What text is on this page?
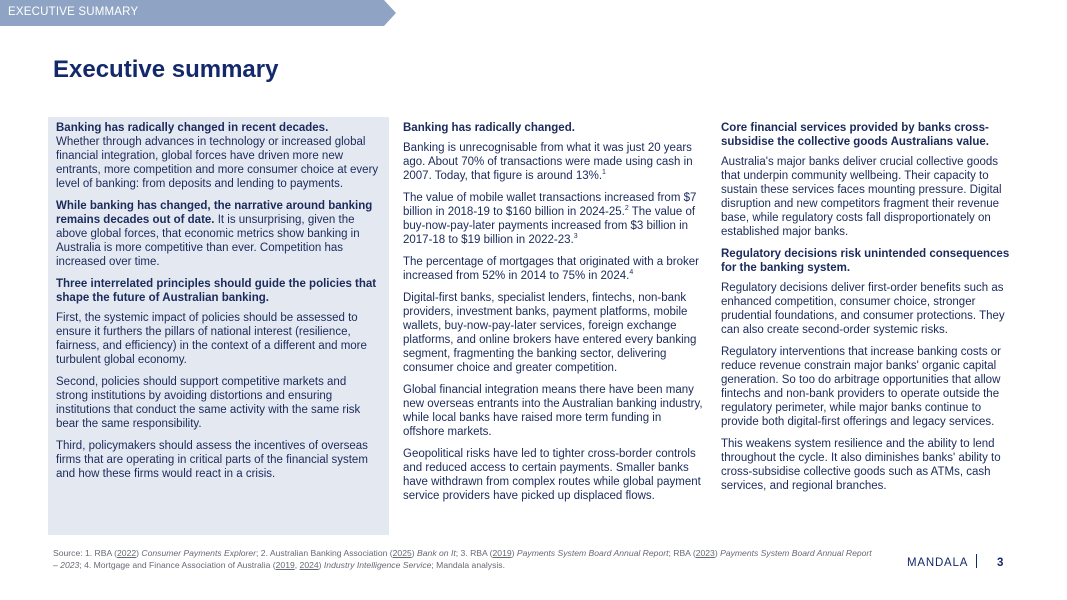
EXECUTIVE SUMMARY
Executive summary

Banking has radically changed in recent decades.

Whether through advances in technology or increased global financial integration, global forces have driven more new entrants, more competition and more consumer choice at every level of banking: from deposits and lending to payments.

While banking has changed, the narrative around banking remains decades out of date. It is unsurprising, given the above global forces, that economic metrics show banking in Australia is more competitive than ever. Competition has increased over time.

Three interrelated principles should guide the policies that shape the future of Australian banking.

First, the systemic impact of policies should be assessed to ensure it furthers the pillars of national interest (resilience, fairness, and efficiency) in the context of a different and more turbulent global economy.

Second, policies should support competitive markets and strong institutions by avoiding distortions and ensuring institutions that conduct the same activity with the same risk bear the same responsibility.

Third, policymakers should assess the incentives of overseas firms that are operating in critical parts of the financial system and how these firms would react in a crisis.

Banking has radically changed.

Banking is unrecognisable from what it was just 20 years ago. About 70% of transactions were made using cash in 2007. Today, that figure is around 13%.$^1$

The value of mobile wallet transactions increased from $7 billion in 2018-19 to $160 billion in 2024-25.$^2$ The value of buy-now-pay-later payments increased from $3 billion in 2017-18 to $19 billion in 2022-23.$^3$

The percentage of mortgages that originated with a broker increased from 52% in 2014 to 75% in 2024.$^4$

Digital-first banks, specialist lenders, fintechs, non-bank providers, investment banks, payment platforms, mobile wallets, buy-now-pay-later services, foreign exchange platforms, and online brokers have entered every banking segment, fragmenting the banking sector, delivering consumer choice and greater competition.

Global financial integration means there have been many new overseas entrants into the Australian banking industry, while local banks have raised more term funding in offshore markets.

Geopolitical risks have led to tighter cross-border controls and reduced access to certain payments. Smaller banks have withdrawn from complex routes while global payment service providers have picked up displaced flows.

Core financial services provided by banks cross-subsidise the collective goods Australians value.

Australia's major banks deliver crucial collective goods that underpin community wellbeing. Their capacity to sustain these services faces mounting pressure. Digital disruption and new competitors fragment their revenue base, while regulatory costs fall disproportionately on established major banks.

Regulatory decisions risk unintended consequences for the banking system.

Regulatory decisions deliver first-order benefits such as enhanced competition, consumer choice, stronger prudential foundations, and consumer protections. They can also create second-order systemic risks.

Regulatory interventions that increase banking costs or reduce revenue constrain major banks' organic capital generation. So too do arbitrage opportunities that allow fintechs and non-bank providers to operate outside the regulatory perimeter, while major banks continue to provide both digital-first offerings and legacy services.

This weakens system resilience and the ability to lend throughout the cycle. It also diminishes banks' ability to cross-subsidise collective goods such as ATMs, cash services, and regional branches.

Source: 1. RBA (2022) Consumer Payments Explorer; 2. Australian Banking Association (2025) Bank on It; 3. RBA (2019) Payments System Board Annual Report; RBA (2023) Payments System Board Annual Report – 2023; 4. Mortgage and Finance Association of Australia (2019, 2024) Industry Intelligence Service; Mandala analysis.	MANDALA	3
